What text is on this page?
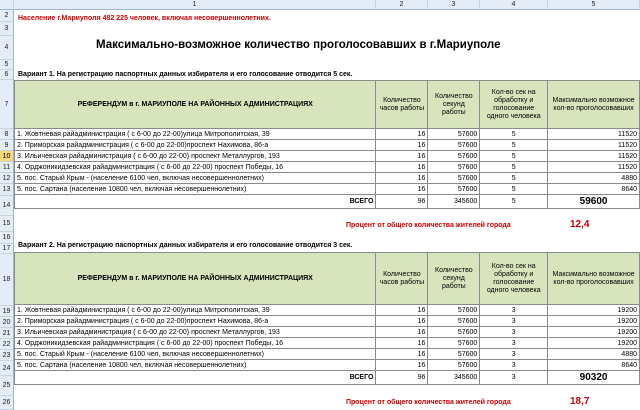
1	2	3	4	5
2
3
4
5
6
7
8
9
10
11
12
13
14
15
16
17
18
19
20
21
22
23
24
25
26
Население г.Мариуполя 482 225 человек, включая несовершеннолетних.
Максимально-возможное количество проголосовавших в г.Мариуполе
Вариант 1. На регистрацию паспортных данных избирателя и его голосование отводится 5 сек.
РЕФЕРЕНДУМ в г. МАРИУПОЛЕ НА РАЙОННЫХ АДМИНИСТРАЦИЯХ	Количество часов работы	Количество секунд работы	Кол-во сек на обработку и голосование одного человека	Максимально возможное кол-во проголосовавших
1. Жовтневая райадминистрация ( с 6-00 до 22-00)улица Митрополитская, 39	16	57600	5	11520
2. Приморская райадминистрация ( с 6-00 до 22-00)проспект Нахимова, 86-а	16	57600	5	11520
3. Ильичевская райадминистрация ( с 6-00 до 22-00) проспект Металлургов, 193	16	57600	5	11520
4. Орджоникидзевская райадминистрация ( с 6-00 до 22-00) проспект Победы, 16	16	57600	5	11520
5. пос. Старый Крым - (население 6100 чел, включая несовершеннолетних)	16	57600	5	4880
5. пос. Сартана (население 10800 чел, включая несовершеннолетних)	16	57600	5	8640
ВСЕГО	96	345600	5	59600
Процент от общего количества жителей города	12,4
Вариант 2. На регистрацию паспортных данных избирателя и его голосование отводится 3 сек.
РЕФЕРЕНДУМ в г. МАРИУПОЛЕ НА РАЙОННЫХ АДМИНИСТРАЦИЯХ	Количество часов работы	Количество секунд работы	Кол-во сек на обработку и голосование одного человека	Максимально возможное кол-во проголосовавших
1. Жовтневая райадминистрация ( с 6-00 до 22-00)улица Митрополитская, 39	16	57600	3	19200
2. Приморская райадминистрация ( с 6-00 до 22-00)проспект Нахимова, 86-а	16	57600	3	19200
3. Ильичевская райадминистрация ( с 6-00 до 22-00) проспект Металлургов, 193	16	57600	3	19200
4. Орджоникидзевская райадминистрация ( с 6-00 до 22-00) проспект Победы, 16	16	57600	3	19200
5. пос. Старый Крым - (население 6100 чел, включая несовершеннолетних)	16	57600	3	4880
5. пос. Сартана (население 10800 чел, включая несовершеннолетних)	16	57600	3	8640
ВСЕГО	96	345600	3	90320
Процент от общего количества жителей города	18,7
